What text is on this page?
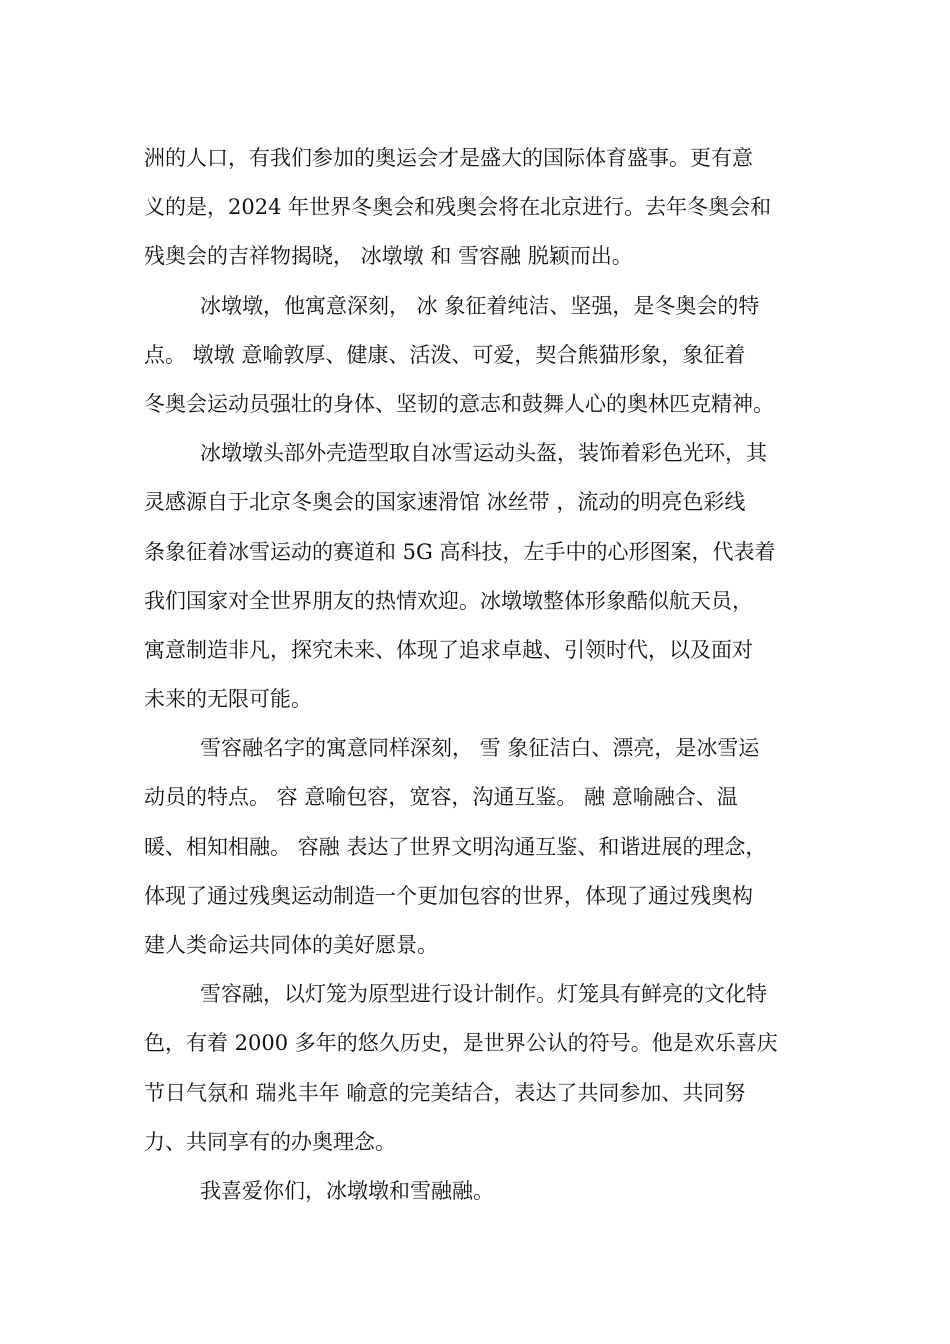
洲的人口，有我们参加的奥运会才是盛大的国际体育盛事。更有意
义的是，2024 年世界冬奥会和残奥会将在北京进行。去年冬奥会和
残奥会的吉祥物揭晓， 冰墩墩 和 雪容融 脱颖而出。

冰墩墩，他寓意深刻， 冰 象征着纯洁、坚强，是冬奥会的特
点。 墩墩 意喻敦厚、健康、活泼、可爱，契合熊猫形象，象征着
冬奥会运动员强壮的身体、坚韧的意志和鼓舞人心的奥林匹克精神。

冰墩墩头部外壳造型取自冰雪运动头盔，装饰着彩色光环，其
灵感源自于北京冬奥会的国家速滑馆 冰丝带 ，流动的明亮色彩线
条象征着冰雪运动的赛道和 5G 高科技，左手中的心形图案，代表着
我们国家对全世界朋友的热情欢迎。冰墩墩整体形象酷似航天员，
寓意制造非凡，探究未来、体现了追求卓越、引领时代，以及面对
未来的无限可能。

雪容融名字的寓意同样深刻， 雪 象征洁白、漂亮，是冰雪运
动员的特点。 容 意喻包容，宽容，沟通互鉴。 融 意喻融合、温
暖、相知相融。 容融 表达了世界文明沟通互鉴、和谐进展的理念，
体现了通过残奥运动制造一个更加包容的世界，体现了通过残奥构
建人类命运共同体的美好愿景。

雪容融，以灯笼为原型进行设计制作。灯笼具有鲜亮的文化特
色，有着 2000 多年的悠久历史，是世界公认的符号。他是欢乐喜庆
节日气氛和 瑞兆丰年 喻意的完美结合，表达了共同参加、共同努
力、共同享有的办奥理念。

我喜爱你们，冰墩墩和雪融融。
